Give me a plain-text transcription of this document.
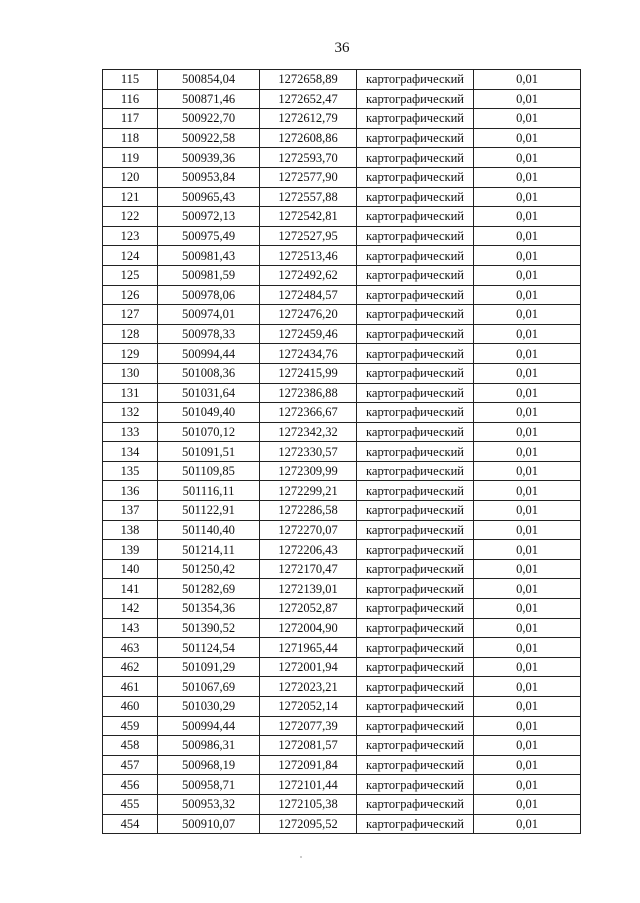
36
115	500854,04	1272658,89	картографический	0,01
116	500871,46	1272652,47	картографический	0,01
117	500922,70	1272612,79	картографический	0,01
118	500922,58	1272608,86	картографический	0,01
119	500939,36	1272593,70	картографический	0,01
120	500953,84	1272577,90	картографический	0,01
121	500965,43	1272557,88	картографический	0,01
122	500972,13	1272542,81	картографический	0,01
123	500975,49	1272527,95	картографический	0,01
124	500981,43	1272513,46	картографический	0,01
125	500981,59	1272492,62	картографический	0,01
126	500978,06	1272484,57	картографический	0,01
127	500974,01	1272476,20	картографический	0,01
128	500978,33	1272459,46	картографический	0,01
129	500994,44	1272434,76	картографический	0,01
130	501008,36	1272415,99	картографический	0,01
131	501031,64	1272386,88	картографический	0,01
132	501049,40	1272366,67	картографический	0,01
133	501070,12	1272342,32	картографический	0,01
134	501091,51	1272330,57	картографический	0,01
135	501109,85	1272309,99	картографический	0,01
136	501116,11	1272299,21	картографический	0,01
137	501122,91	1272286,58	картографический	0,01
138	501140,40	1272270,07	картографический	0,01
139	501214,11	1272206,43	картографический	0,01
140	501250,42	1272170,47	картографический	0,01
141	501282,69	1272139,01	картографический	0,01
142	501354,36	1272052,87	картографический	0,01
143	501390,52	1272004,90	картографический	0,01
463	501124,54	1271965,44	картографический	0,01
462	501091,29	1272001,94	картографический	0,01
461	501067,69	1272023,21	картографический	0,01
460	501030,29	1272052,14	картографический	0,01
459	500994,44	1272077,39	картографический	0,01
458	500986,31	1272081,57	картографический	0,01
457	500968,19	1272091,84	картографический	0,01
456	500958,71	1272101,44	картографический	0,01
455	500953,32	1272105,38	картографический	0,01
454	500910,07	1272095,52	картографический	0,01
